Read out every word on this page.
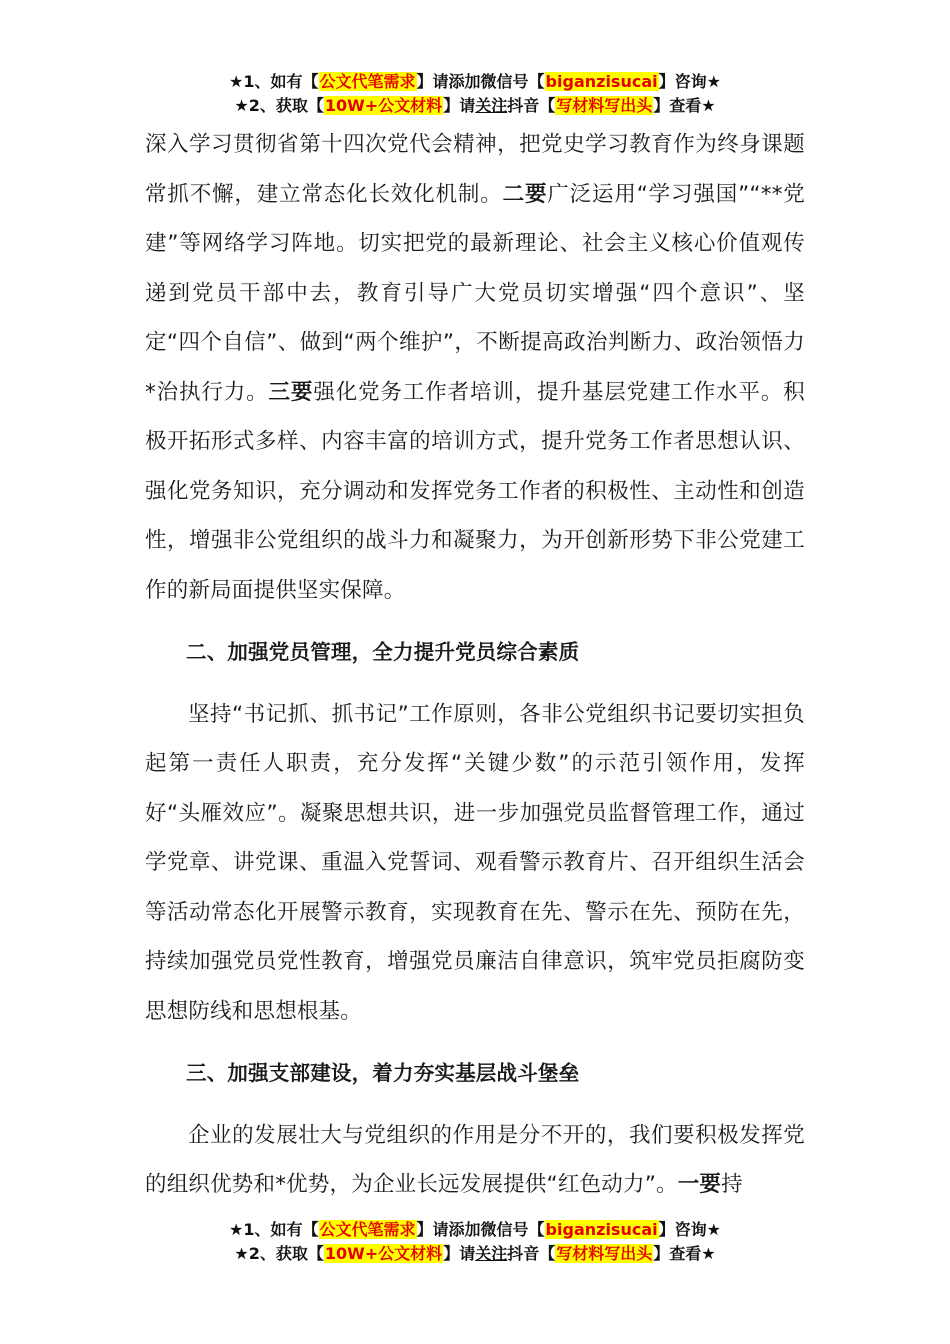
★1、如有【公文代笔需求】请添加微信号【biganzisucai】咨询★
★2、获取【10W+公文材料】请关注抖音【写材料写出头】查看★

深入学习贯彻省第十四次党代会精神，把党史学习教育作为终身课题常抓不懈，建立常态化长效化机制。二要广泛运用“学习强国”“**党建”等网络学习阵地。切实把党的最新理论、社会主义核心价值观传递到党员干部中去，教育引导广大党员切实增强“四个意识”、坚定“四个自信”、做到“两个维护”，不断提高政治判断力、政治领悟力*治执行力。三要强化党务工作者培训，提升基层党建工作水平。积极开拓形式多样、内容丰富的培训方式，提升党务工作者思想认识、强化党务知识，充分调动和发挥党务工作者的积极性、主动性和创造性，增强非公党组织的战斗力和凝聚力，为开创新形势下非公党建工作的新局面提供坚实保障。

二、加强党员管理，全力提升党员综合素质

坚持“书记抓、抓书记”工作原则，各非公党组织书记要切实担负起第一责任人职责，充分发挥“关键少数”的示范引领作用，发挥好“头雁效应”。凝聚思想共识，进一步加强党员监督管理工作，通过学党章、讲党课、重温入党誓词、观看警示教育片、召开组织生活会等活动常态化开展警示教育，实现教育在先、警示在先、预防在先，持续加强党员党性教育，增强党员廉洁自律意识，筑牢党员拒腐防变思想防线和思想根基。

三、加强支部建设，着力夯实基层战斗堡垒

企业的发展壮大与党组织的作用是分不开的，我们要积极发挥党的组织优势和*优势，为企业长远发展提供“红色动力”。一要持

★1、如有【公文代笔需求】请添加微信号【biganzisucai】咨询★
★2、获取【10W+公文材料】请关注抖音【写材料写出头】查看★
